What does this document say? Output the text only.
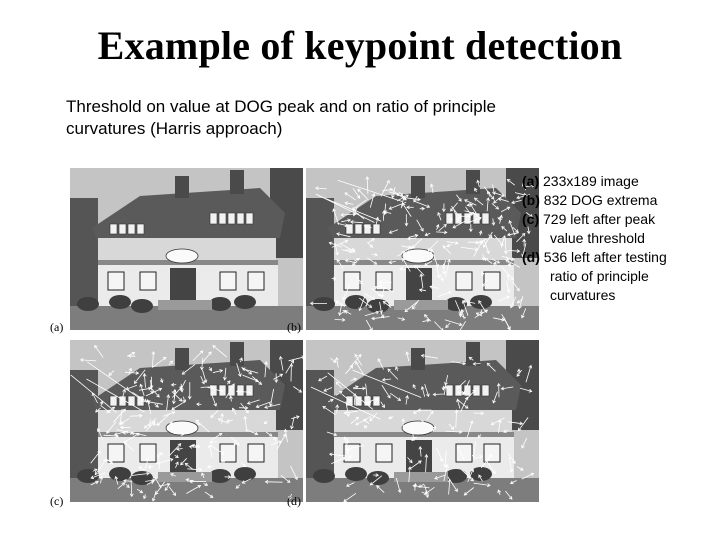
Example of keypoint detection
Threshold on value at DOG peak and on ratio of principle
curvatures (Harris approach)
(a)	(b)
(c)	(d)
(a) 233x189 image
(b) 832 DOG extrema
(c) 729 left after peak
value threshold
(d) 536 left after testing
ratio of principle
curvatures
